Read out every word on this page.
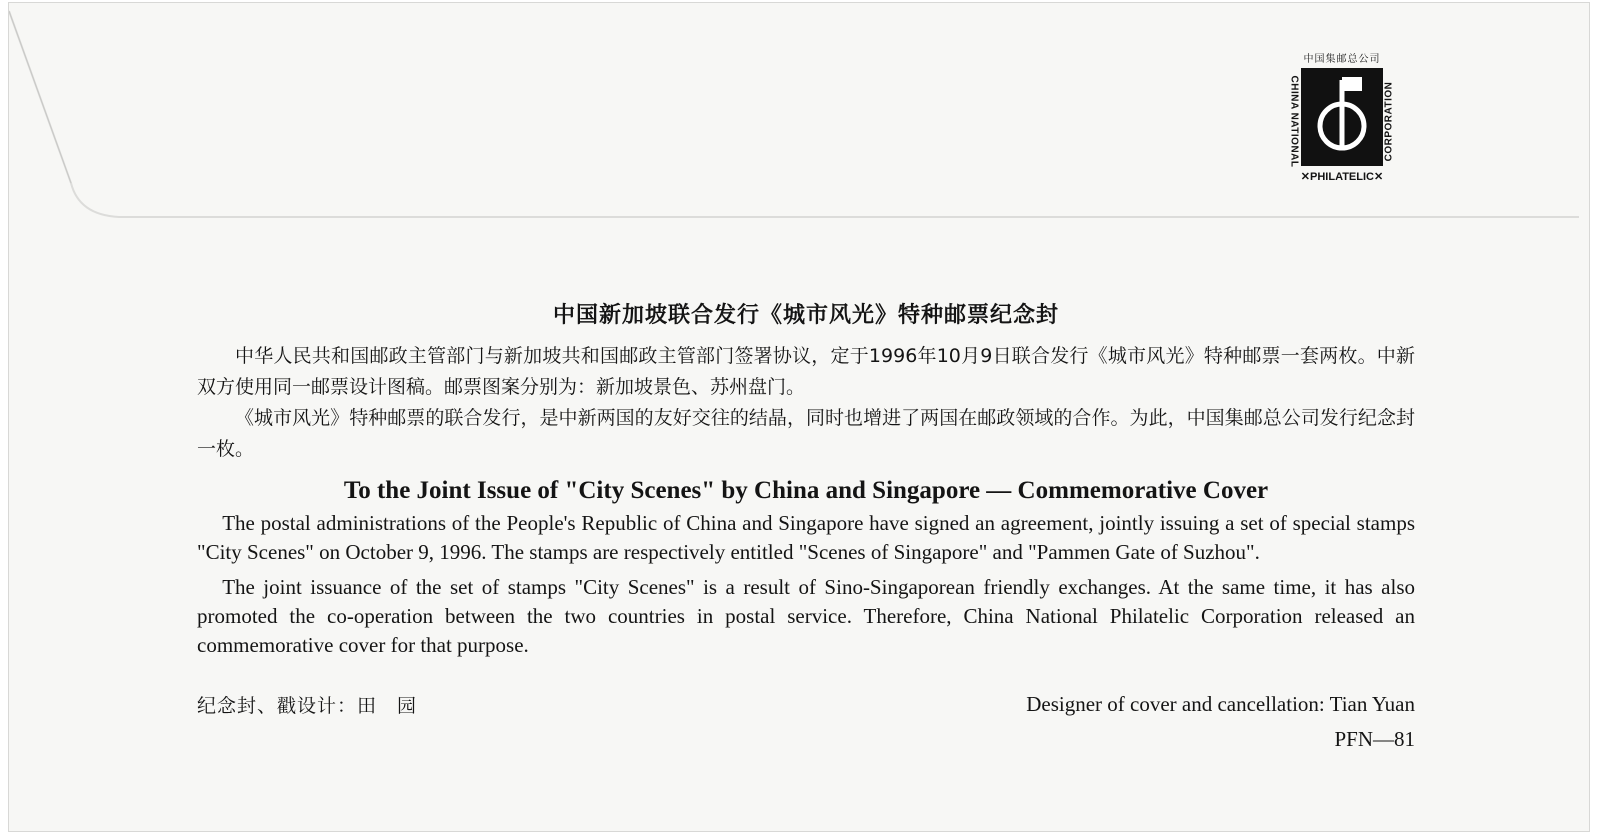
中国集邮总公司
CHINA NATIONAL	CORPORATION
✕PHILATELIC✕
中国新加坡联合发行《城市风光》特种邮票纪念封

中华人民共和国邮政主管部门与新加坡共和国邮政主管部门签署协议，定于1996年10月9日联合发行《城市风光》特种邮票一套两枚。中新双方使用同一邮票设计图稿。邮票图案分别为：新加坡景色、苏州盘门。

《城市风光》特种邮票的联合发行，是中新两国的友好交往的结晶，同时也增进了两国在邮政领域的合作。为此，中国集邮总公司发行纪念封一枚。

To the Joint Issue of "City Scenes" by China and Singapore — Commemorative Cover

The postal administrations of the People's Republic of China and Singapore have signed an agreement, jointly issuing a set of special stamps "City Scenes" on October 9, 1996. The stamps are respectively entitled "Scenes of Singapore" and "Pammen Gate of Suzhou".

The joint issuance of the set of stamps "City Scenes" is a result of Sino-Singaporean friendly exchanges. At the same time, it has also promoted the co-operation between the two countries in postal service. Therefore, China National Philatelic Corporation released an commemorative cover for that purpose.

纪念封、戳设计：田　园	Designer of cover and cancellation: Tian Yuan
PFN—81
